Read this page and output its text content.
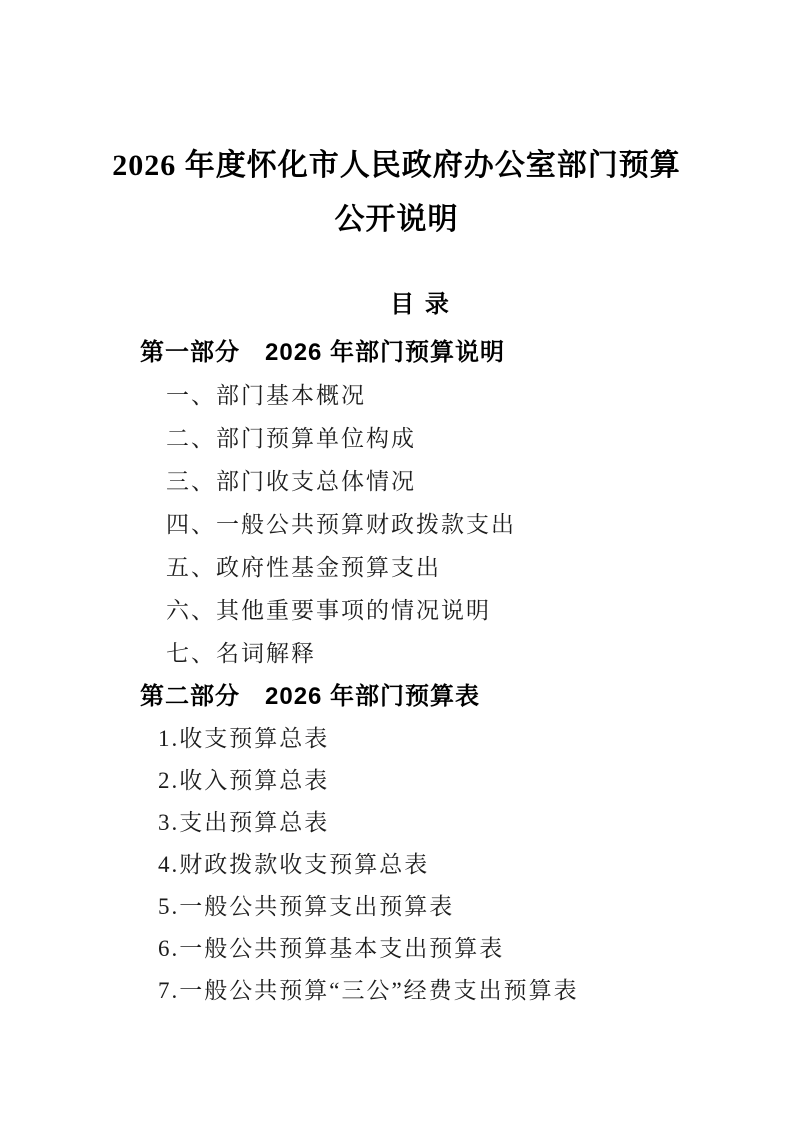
2026 年度怀化市人民政府办公室部门预算
公开说明
目 录
第一部分　2026 年部门预算说明
一、部门基本概况
二、部门预算单位构成
三、部门收支总体情况
四、一般公共预算财政拨款支出
五、政府性基金预算支出
六、其他重要事项的情况说明
七、名词解释
第二部分　2026 年部门预算表
1.收支预算总表
2.收入预算总表
3.支出预算总表
4.财政拨款收支预算总表
5.一般公共预算支出预算表
6.一般公共预算基本支出预算表
7.一般公共预算“三公”经费支出预算表
